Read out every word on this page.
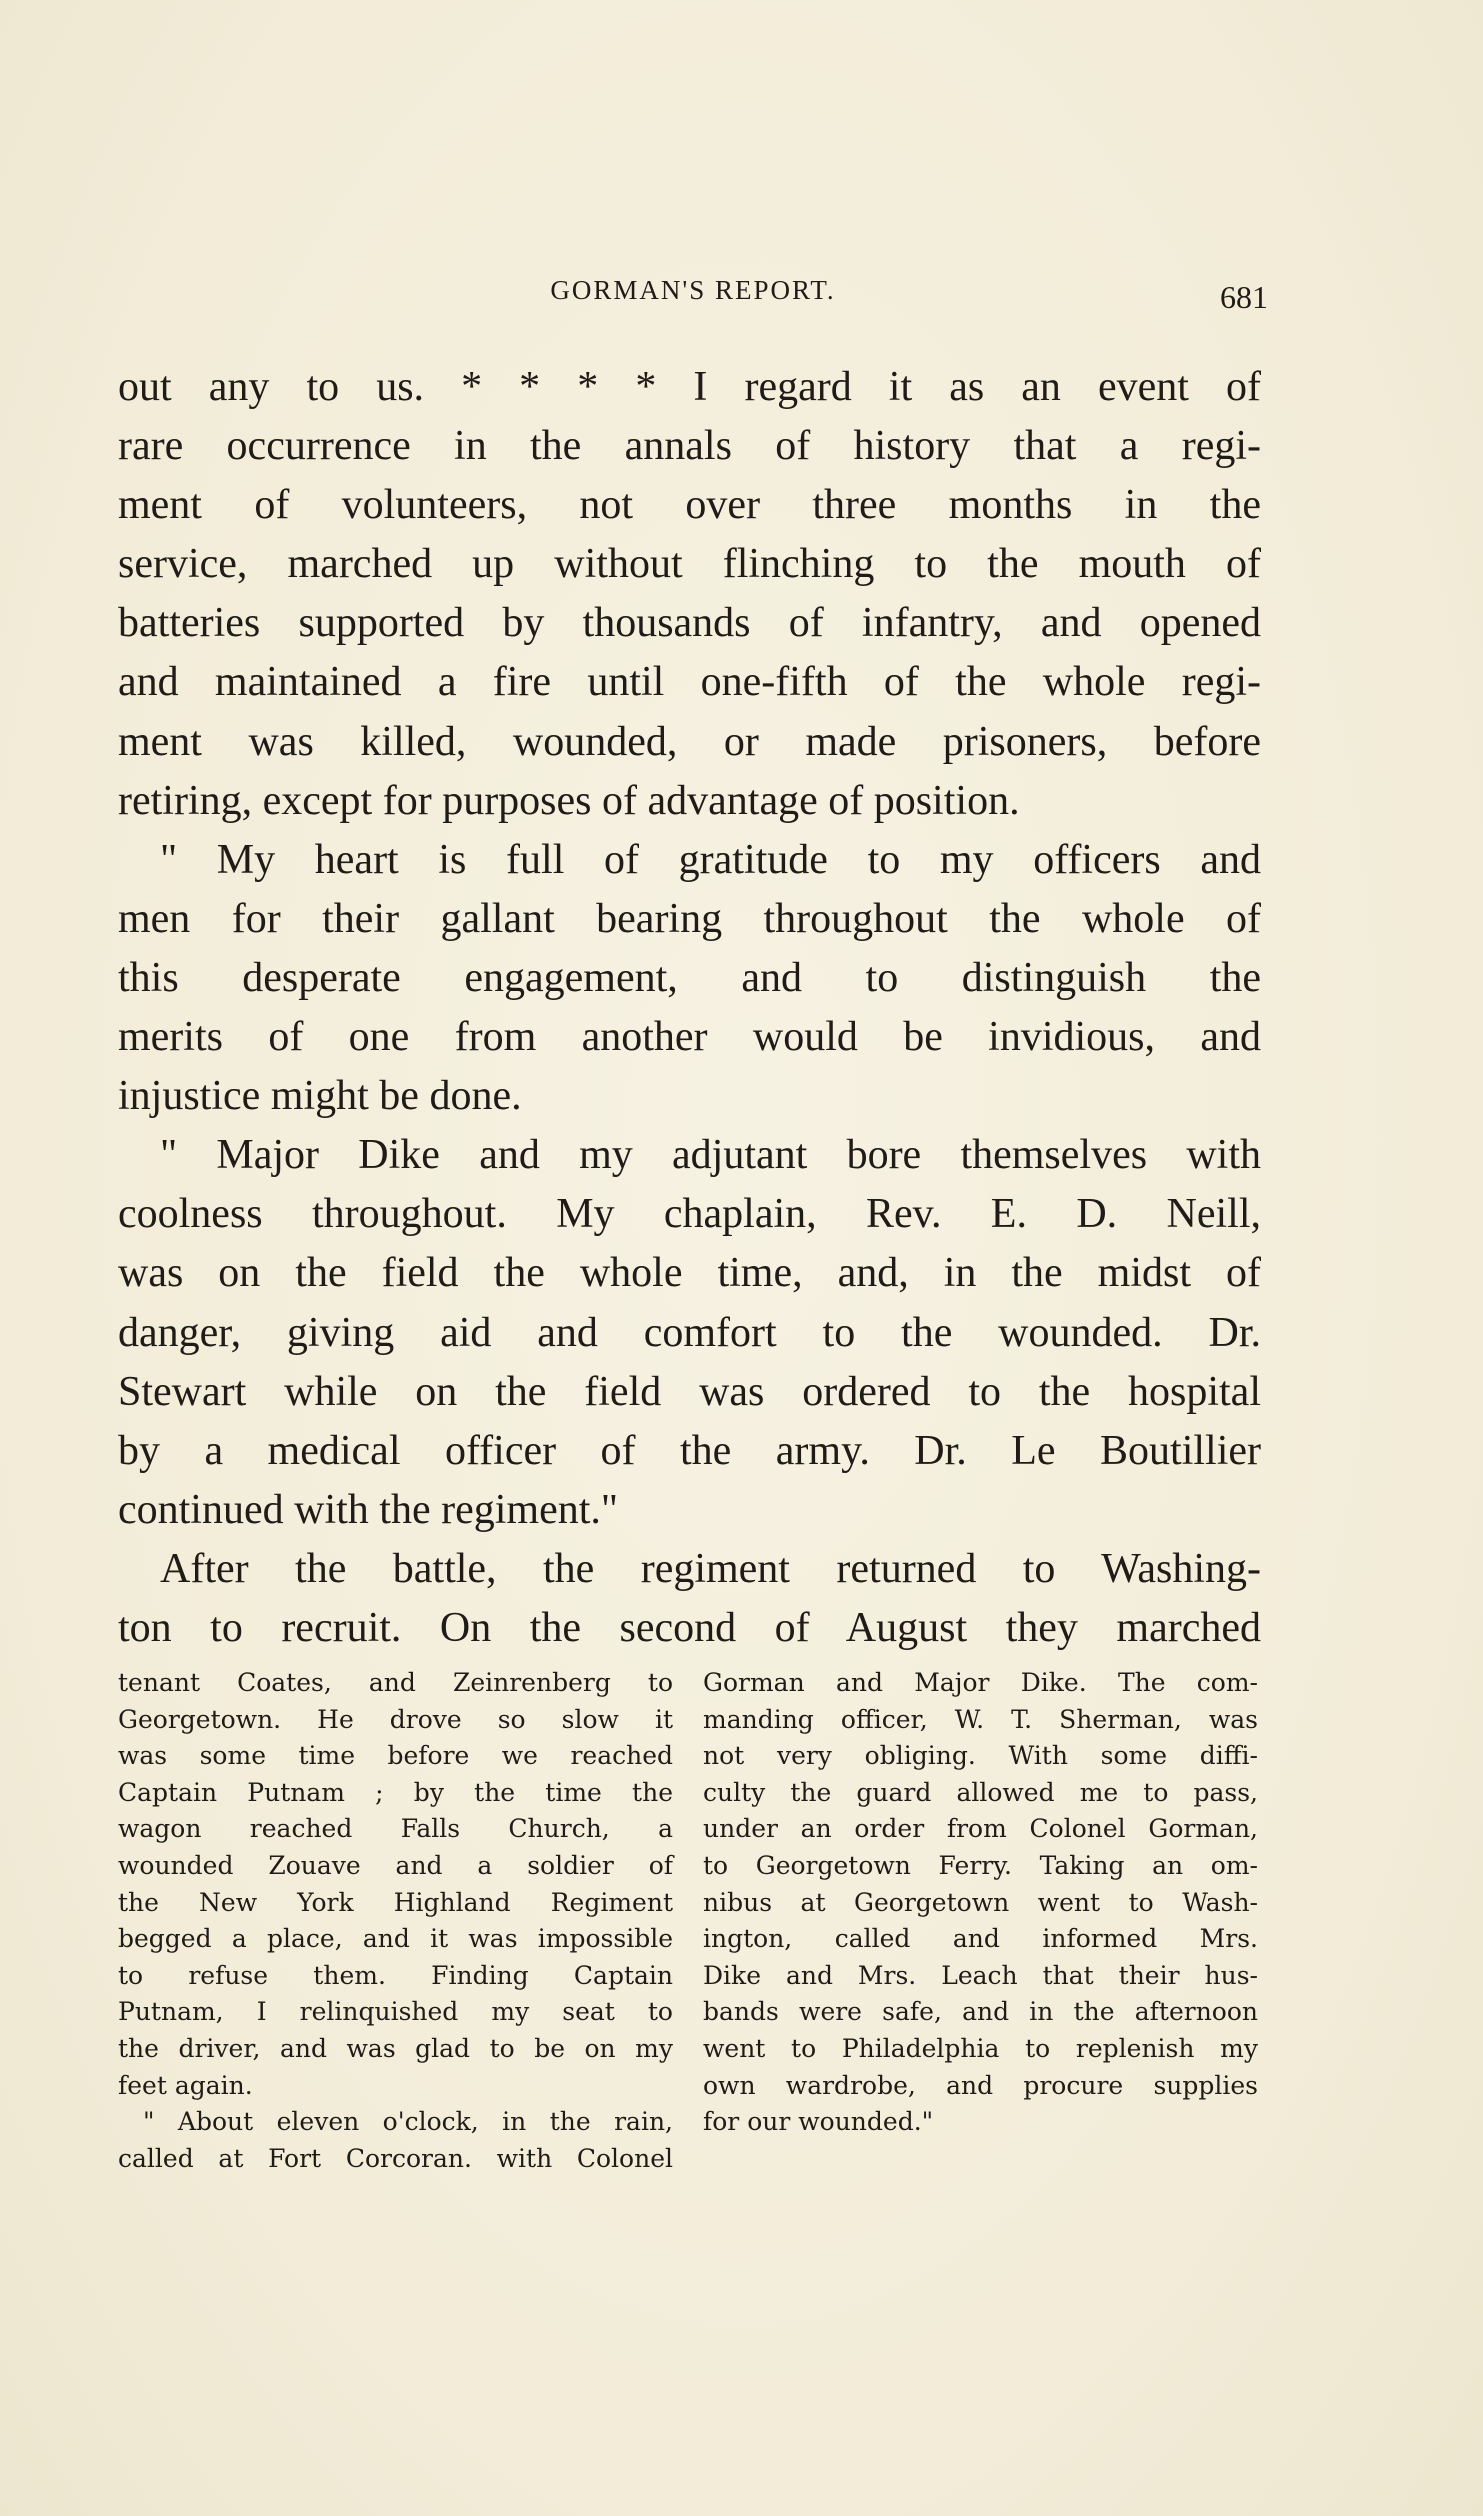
GORMAN'S REPORT.	681
out any to us. * * * * I regard it as an event of
rare occurrence in the annals of history that a regi-
ment of volunteers, not over three months in the
service, marched up without flinching to the mouth of
batteries supported by thousands of infantry, and opened
and maintained a fire until one-fifth of the whole regi-
ment was killed, wounded, or made prisoners, before
retiring, except for purposes of advantage of position.
" My heart is full of gratitude to my officers and
men for their gallant bearing throughout the whole of
this desperate engagement, and to distinguish the
merits of one from another would be invidious, and
injustice might be done.
" Major Dike and my adjutant bore themselves with
coolness throughout. My chaplain, Rev. E. D. Neill,
was on the field the whole time, and, in the midst of
danger, giving aid and comfort to the wounded. Dr.
Stewart while on the field was ordered to the hospital
by a medical officer of the army. Dr. Le Boutillier
continued with the regiment."
After the battle, the regiment returned to Washing-
ton to recruit. On the second of August they marched
tenant Coates, and Zeinrenberg to
Georgetown. He drove so slow it
was some time before we reached
Captain Putnam ; by the time the
wagon reached Falls Church, a
wounded Zouave and a soldier of
the New York Highland Regiment
begged a place, and it was impossible
to refuse them. Finding Captain
Putnam, I relinquished my seat to
the driver, and was glad to be on my
feet again.
" About eleven o'clock, in the rain,
called at Fort Corcoran. with Colonel
Gorman and Major Dike. The com-
manding officer, W. T. Sherman, was
not very obliging. With some diffi-
culty the guard allowed me to pass,
under an order from Colonel Gorman,
to Georgetown Ferry. Taking an om-
nibus at Georgetown went to Wash-
ington, called and informed Mrs.
Dike and Mrs. Leach that their hus-
bands were safe, and in the afternoon
went to Philadelphia to replenish my
own wardrobe, and procure supplies
for our wounded."
